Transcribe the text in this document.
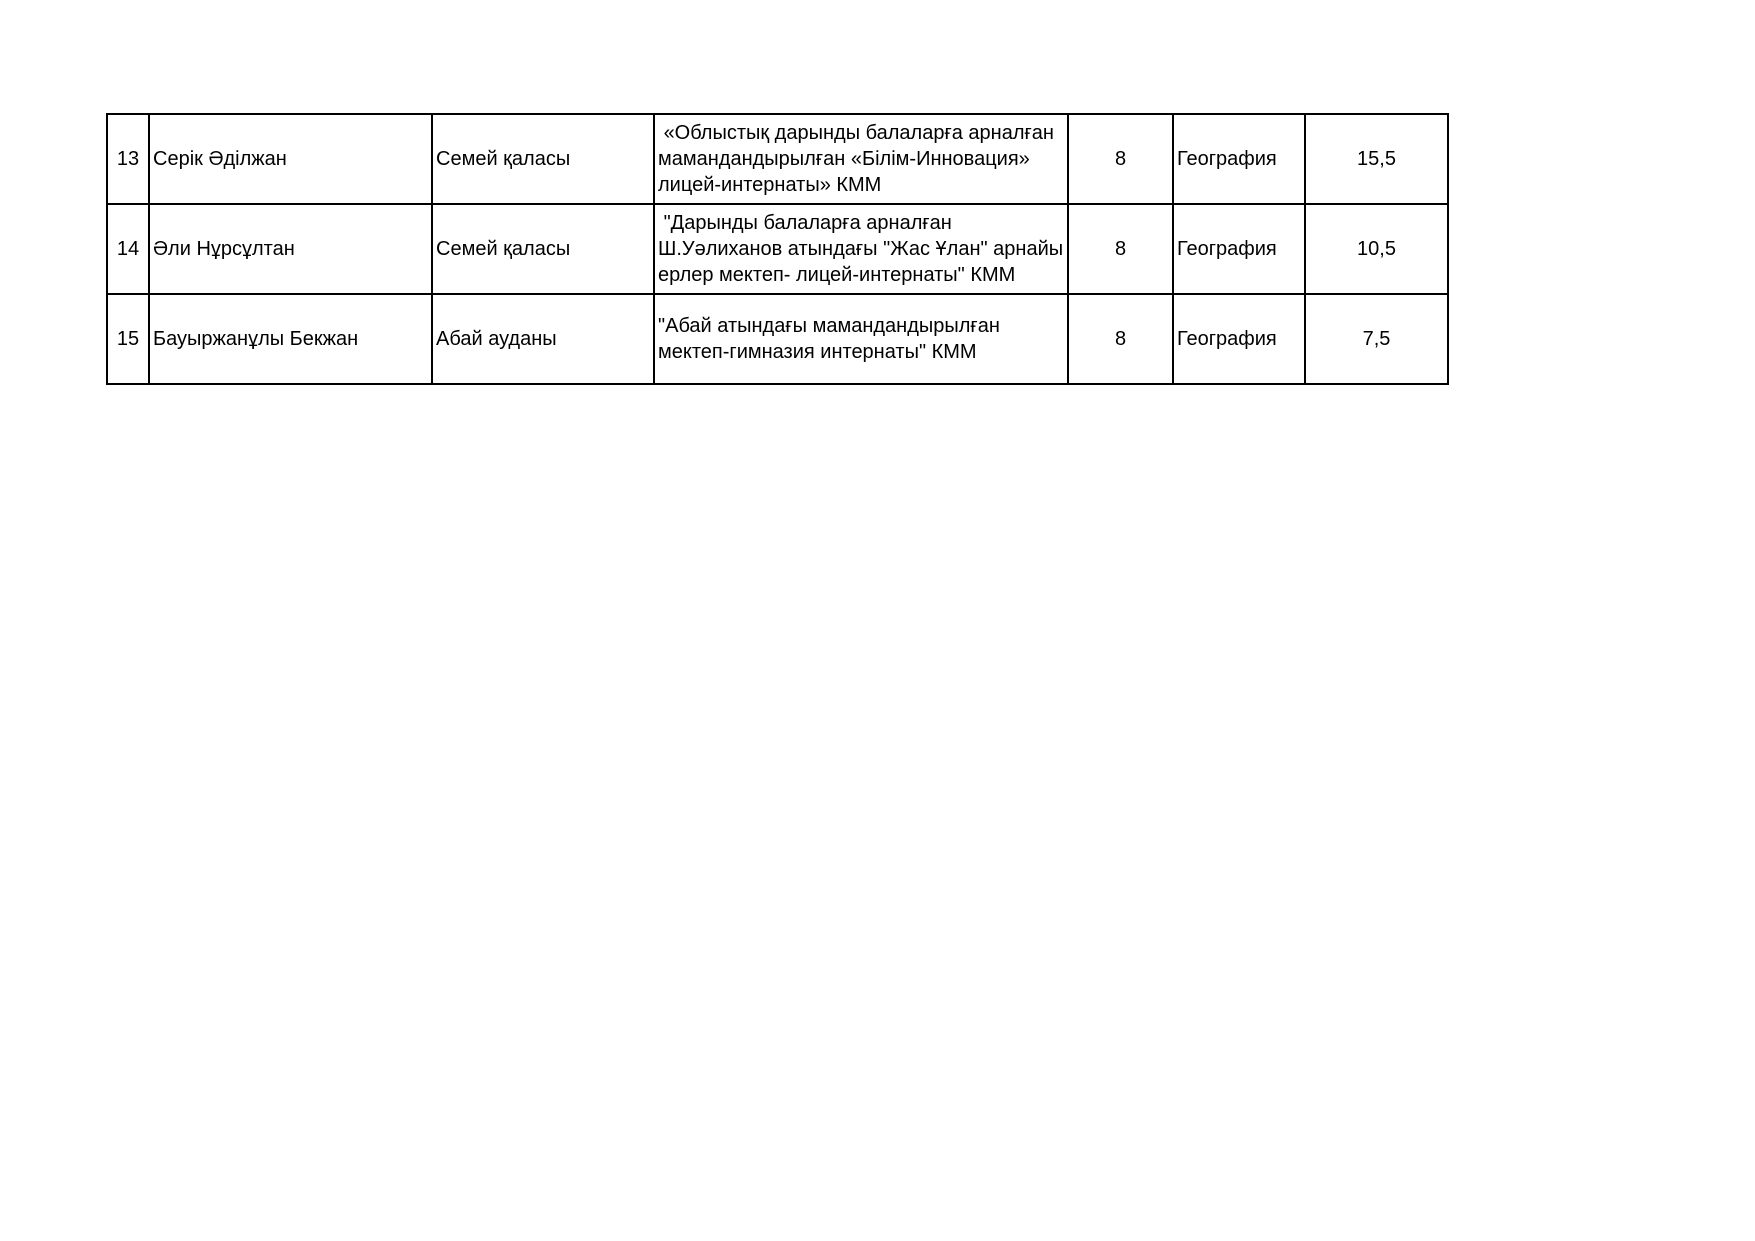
13	Серік Әділжан	Семей қаласы	«Облыстық дарынды балаларға арналған мамандандырылған «Білім-Инновация» лицей-интернаты» КММ	8	География	15,5

14	Әли Нұрсұлтан	Семей қаласы	"Дарынды балаларға арналған Ш.Уәлиханов атындағы "Жас Ұлан" арнайы ерлер мектеп- лицей-интернаты" КММ	8	География	10,5

15	Бауыржанұлы Бекжан	Абай ауданы	"Абай атындағы мамандандырылған мектеп-гимназия интернаты" КММ	8	География	7,5
